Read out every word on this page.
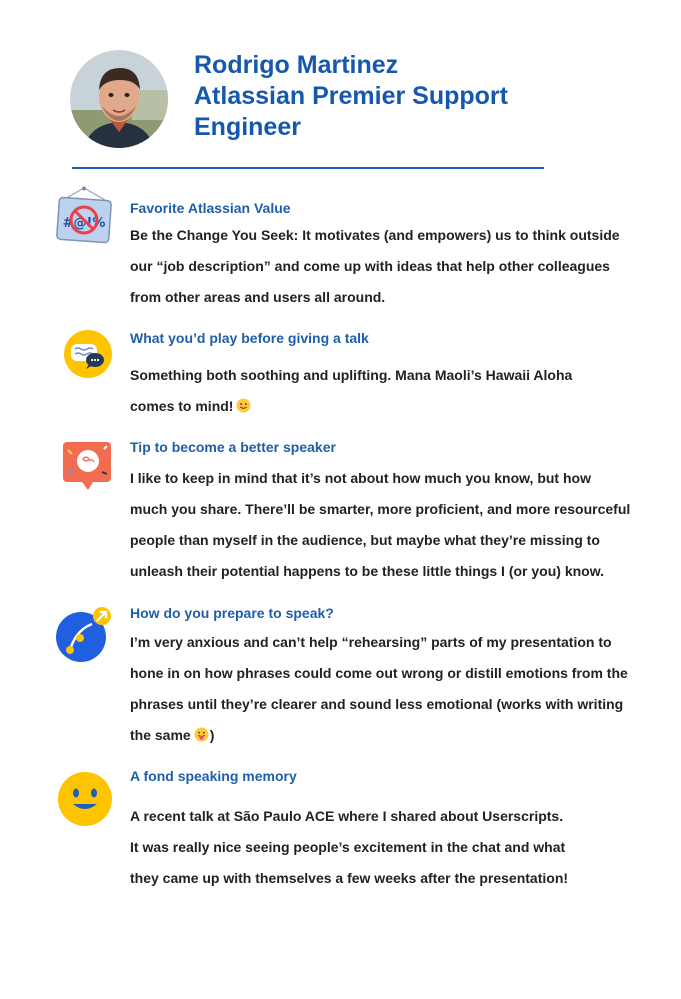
Rodrigo Martinez
Atlassian Premier Support
Engineer
#@!%
Favorite Atlassian Value
Be the Change You Seek: It motivates (and empowers) us to think outside
our “job description” and come up with ideas that help other colleagues
from other areas and users all around.
What you’d play before giving a talk
Something both soothing and uplifting. Mana Maoli’s Hawaii Aloha
comes to mind!
Tip to become a better speaker
I like to keep in mind that it’s not about how much you know, but how
much you share. There’ll be smarter, more proficient, and more resourceful
people than myself in the audience, but maybe what they’re missing to
unleash their potential happens to be these little things I (or you) know.
How do you prepare to speak?
I’m very anxious and can’t help “rehearsing” parts of my presentation to
hone in on how phrases could come out wrong or distill emotions from the
phrases until they’re clearer and sound less emotional (works with writing
the same )
A fond speaking memory
A recent talk at São Paulo ACE where I shared about Userscripts.
It was really nice seeing people’s excitement in the chat and what
they came up with themselves a few weeks after the presentation!
